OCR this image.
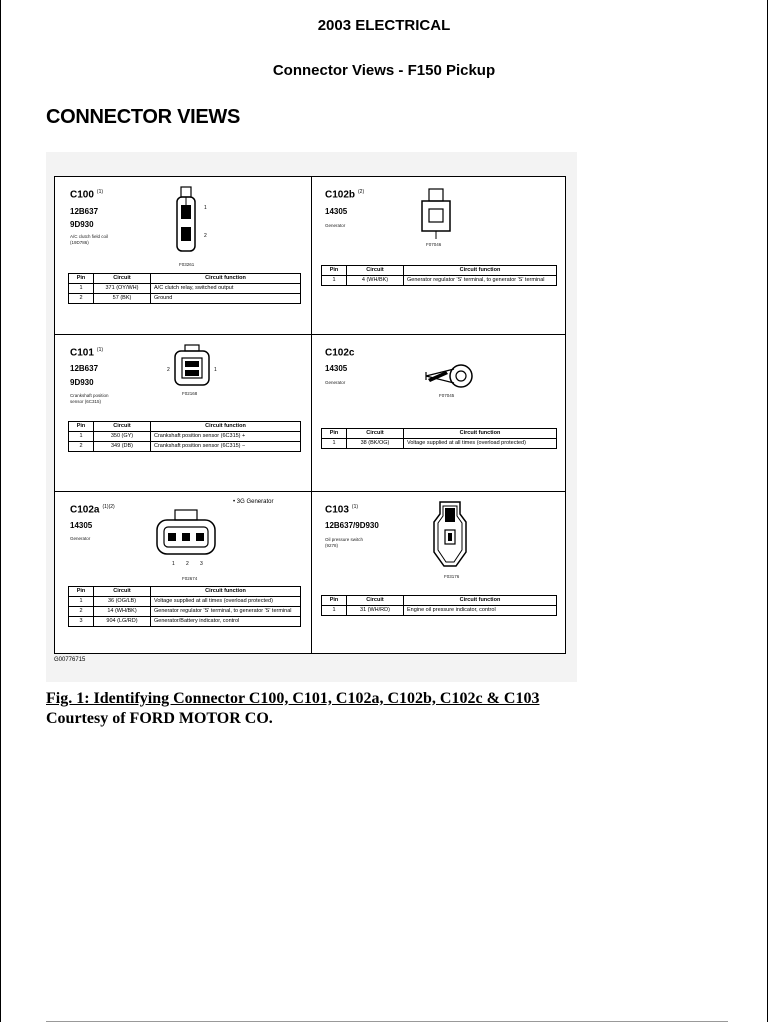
2003 ELECTRICAL
Connector Views - F150 Pickup
CONNECTOR VIEWS
C100 $^{(1)}$
12B637
9D930
A/C clutch field coil
(19D786)
1
2
F03261
Pin	Circuit	Circuit function
1	371 (OY/WH)	A/C clutch relay, switched output
2	57 (BK)	Ground
C102b $^{(2)}$
14305
Generator
F07046
Pin	Circuit	Circuit function
1	4 (WH/BK)	Generator regulator 'S' terminal, to generator 'S' terminal
C101 $^{(1)}$
12B637
9D930
Crankshaft position
sensor (6C315)
2	1
F02168
Pin	Circuit	Circuit function
1	350 (GY)	Crankshaft position sensor (6C315) +
2	349 (DB)	Crankshaft position sensor (6C315) −
C102c
14305
Generator
F07045
Pin	Circuit	Circuit function
1	38 (BK/OG)	Voltage supplied at all times (overload protected)
C102a $^{(1)(2)}$
14305
Generator
1 2 3
F02674
Pin	Circuit	Circuit function
1	36 (OG/LB)	Voltage supplied at all times (overload protected)
2	14 (WH/BK)	Generator regulator 'S' terminal, to generator 'S' terminal
3	904 (LG/RD)	Generator/Battery indicator, control
• 3G Generator
C103 $^{(1)}$
12B637/9D930
Oil pressure switch
(9278)
F03176
Pin	Circuit	Circuit function
1	31 (WH/RD)	Engine oil pressure indicator, control
G00776715
Fig. 1: Identifying Connector C100, C101, C102a, C102b, C102c & C103
Courtesy of FORD MOTOR CO.
